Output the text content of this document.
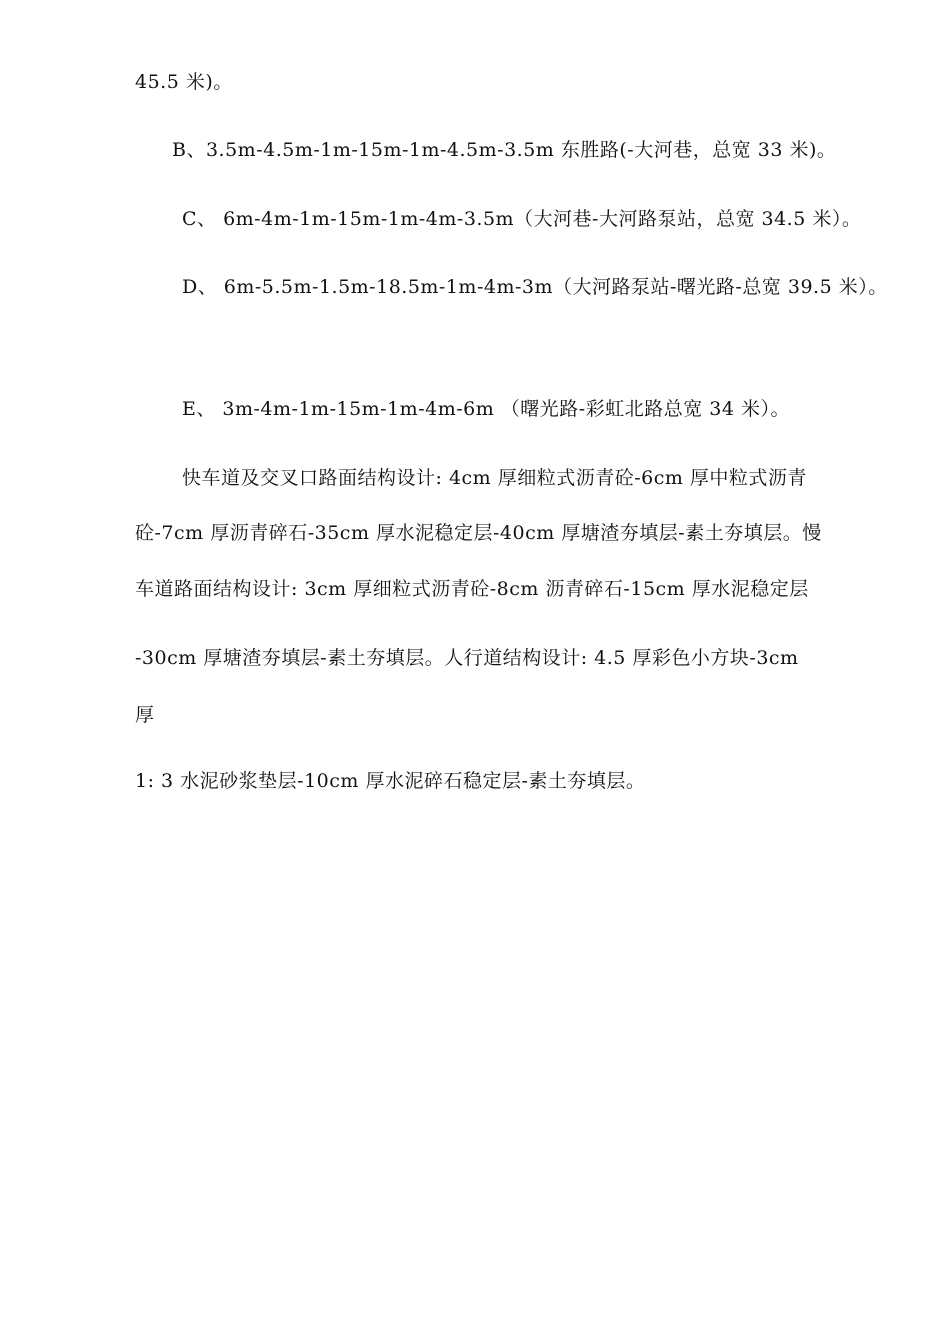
45.5 米)。
B、3.5m-4.5m-1m-15m-1m-4.5m-3.5m 东胜路(-大河巷，总宽 33 米)。
C、 6m-4m-1m-15m-1m-4m-3.5m（大河巷-大河路泵站，总宽 34.5 米）。
D、 6m-5.5m-1.5m-18.5m-1m-4m-3m（大河路泵站-曙光路-总宽 39.5 米）。
E、 3m-4m-1m-15m-1m-4m-6m （曙光路-彩虹北路总宽 34 米）。
快车道及交叉口路面结构设计: 4cm 厚细粒式沥青砼-6cm 厚中粒式沥青
砼-7cm 厚沥青碎石-35cm 厚水泥稳定层-40cm 厚塘渣夯填层-素土夯填层。慢
车道路面结构设计: 3cm 厚细粒式沥青砼-8cm 沥青碎石-15cm 厚水泥稳定层
-30cm 厚塘渣夯填层-素土夯填层。人行道结构设计: 4.5 厚彩色小方块-3cm
厚
1: 3 水泥砂浆垫层-10cm 厚水泥碎石稳定层-素土夯填层。
